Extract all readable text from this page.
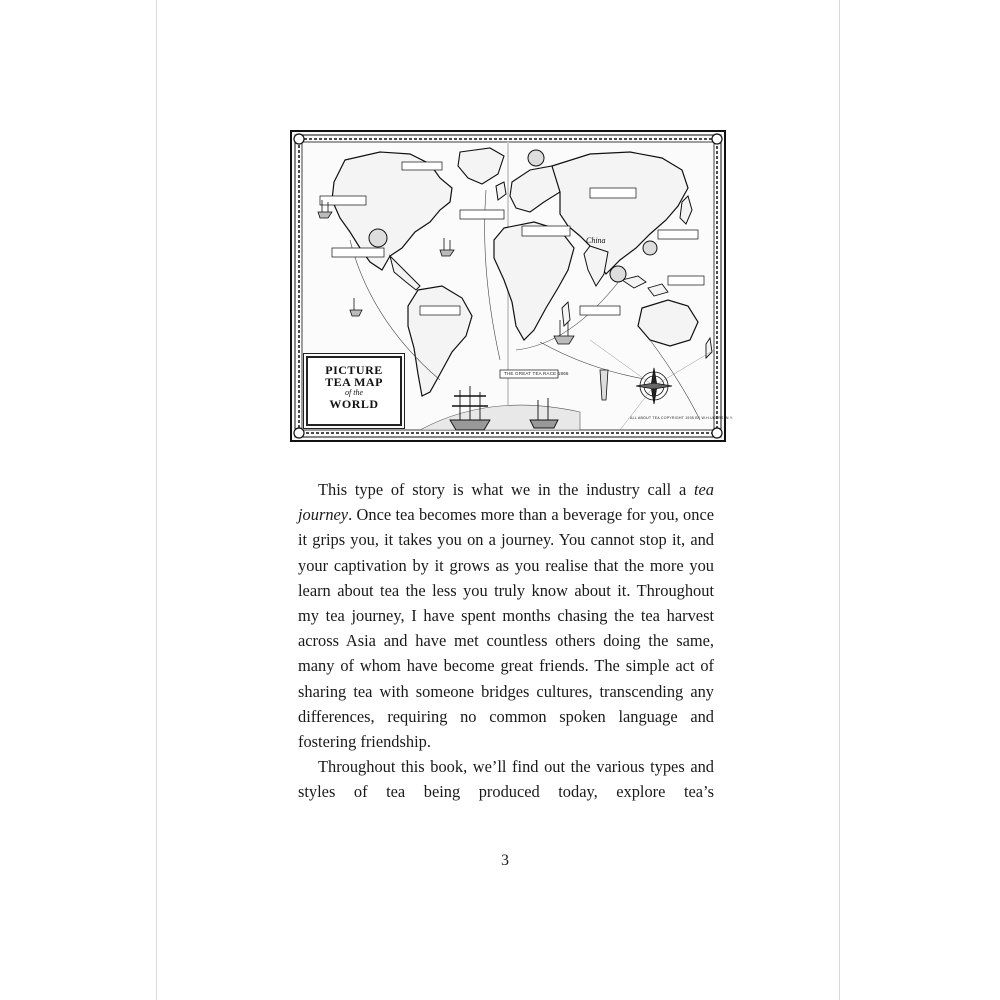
China
THE GREAT TEA RACE 1866
ALL ABOUT TEA COPYRIGHT 1935 BY W.H.UKERS, N.Y.
PICTURE
TEA MAP
of the
WORLD

This type of story is what we in the industry call a tea journey. Once tea becomes more than a beverage for you, once it grips you, it takes you on a journey. You cannot stop it, and your captivation by it grows as you realise that the more you learn about tea the less you truly know about it. Throughout my tea journey, I have spent months chasing the tea harvest across Asia and have met countless others doing the same, many of whom have become great friends. The simple act of sharing tea with someone bridges cultures, transcending any differences, requiring no common spoken language and fostering friendship.

Throughout this book, we’ll find out the various types and styles of tea being produced today, explore tea’s

3
